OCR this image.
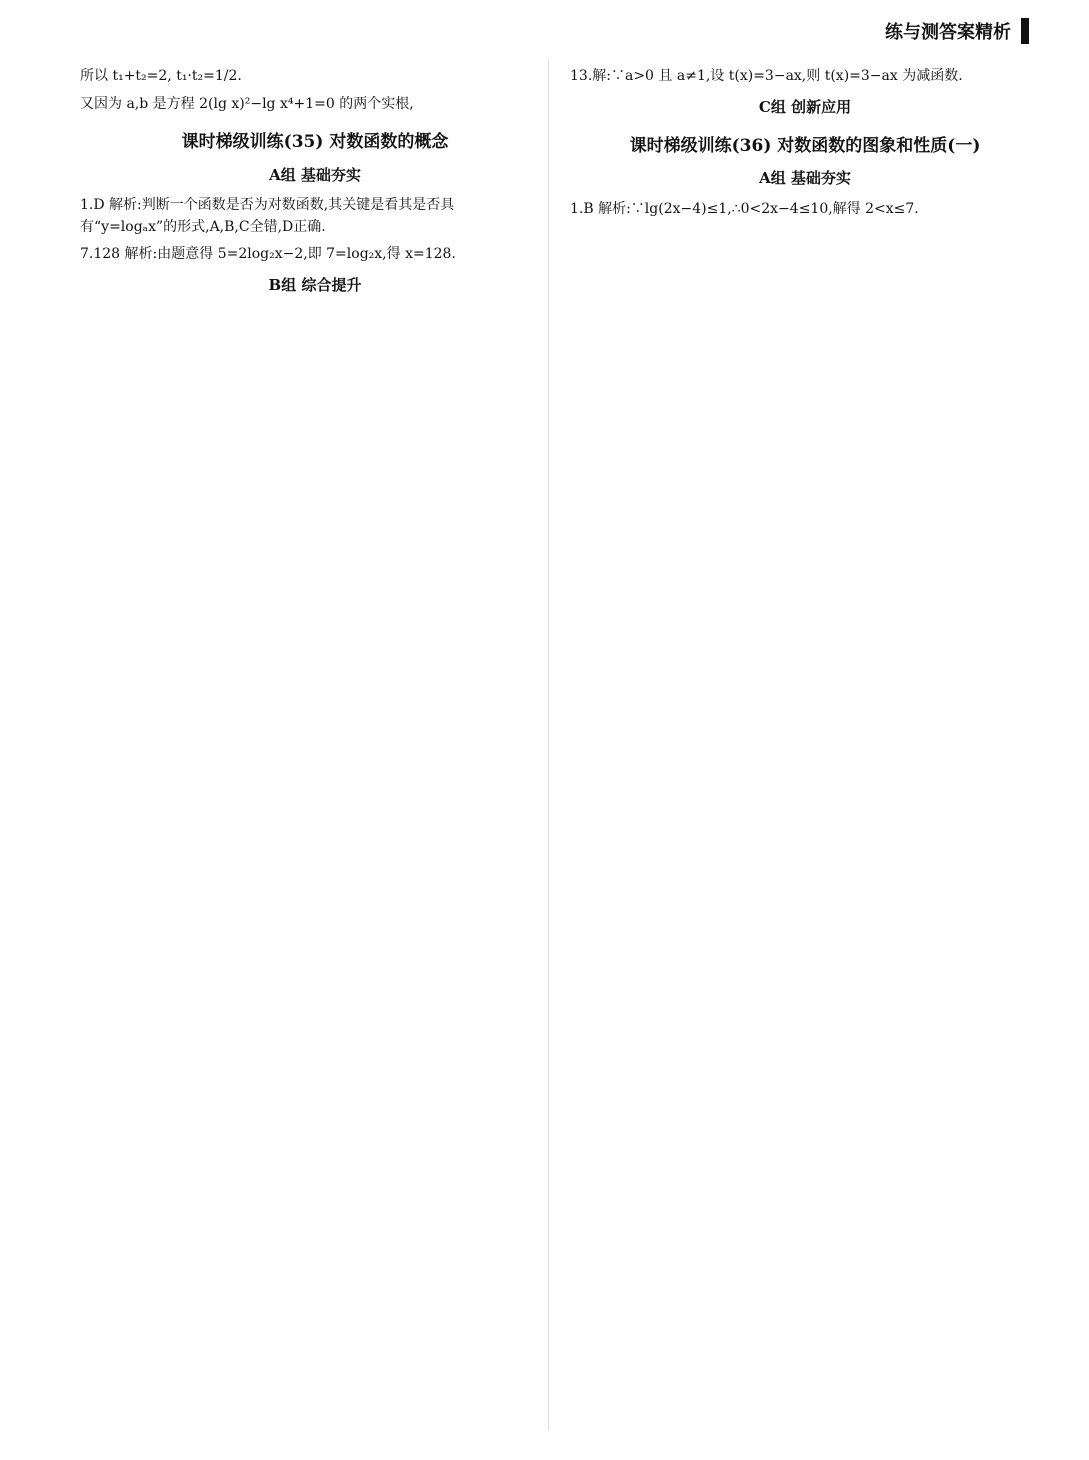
练与测答案精析

所以 t₁+t₂=2, t₁·t₂=1/2.

又因为 a,b 是方程 2(lg x)²−lg x⁴+1=0 的两个实根,

课时梯级训练(35) 对数函数的概念
A组 基础夯实

1.D 解析:判断一个函数是否为对数函数,其关键是看其是否具有“y=logₐx”的形式,A,B,C全错,D正确.

7.128 解析:由题意得 5=2log₂x−2,即 7=log₂x,得 x=128.

B组 综合提升

13.解:∵a>0 且 a≠1,设 t(x)=3−ax,则 t(x)=3−ax 为减函数.

C组 创新应用
课时梯级训练(36) 对数函数的图象和性质(一)
A组 基础夯实

1.B 解析:∵lg(2x−4)≤1,∴0<2x−4≤10,解得 2<x≤7.
